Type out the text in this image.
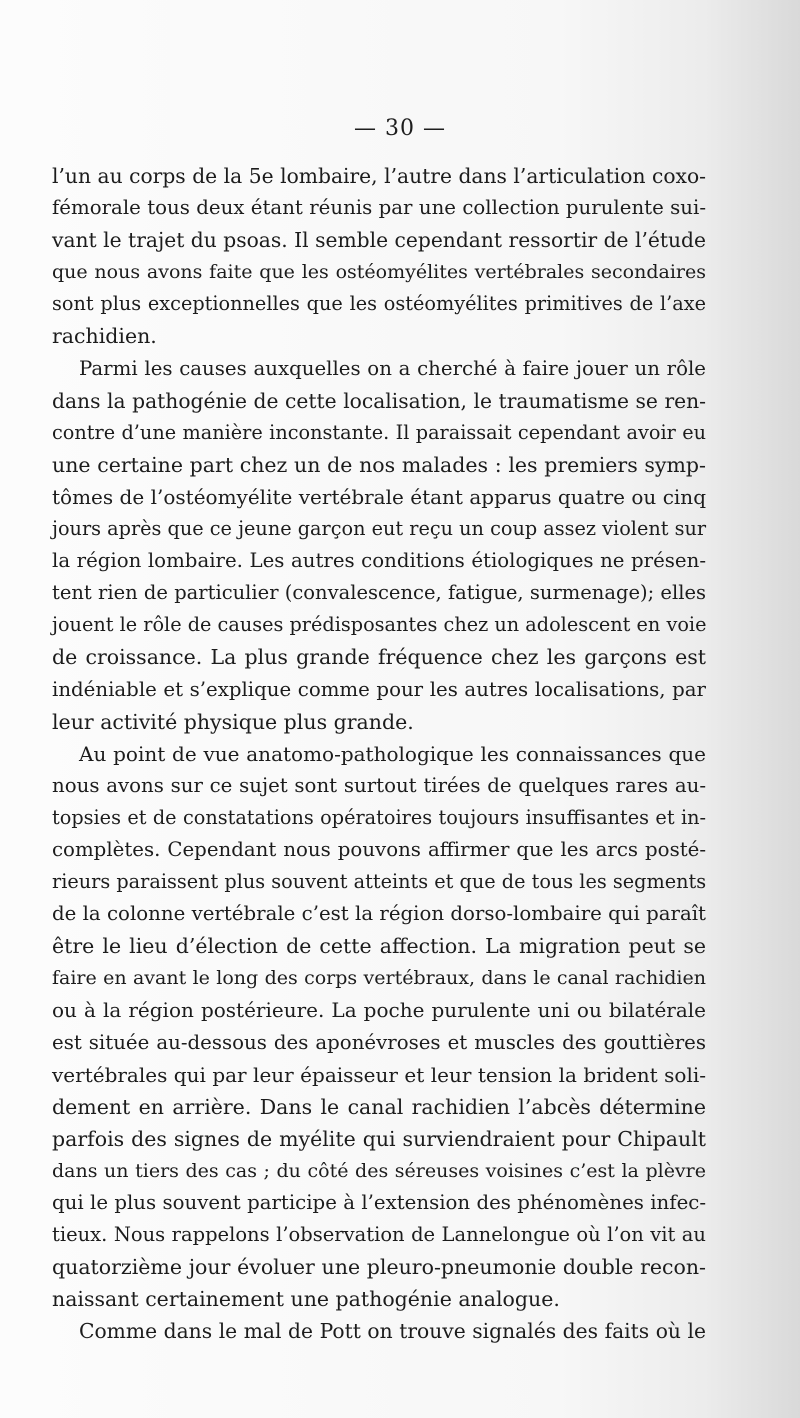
— 30 —
l’un au corps de la 5e lombaire, l’autre dans l’articulation coxo-
fémorale tous deux étant réunis par une collection purulente sui-
vant le trajet du psoas. Il semble cependant ressortir de l’étude
que nous avons faite que les ostéomyélites vertébrales secondaires
sont plus exceptionnelles que les ostéomyélites primitives de l’axe
rachidien.
Parmi les causes auxquelles on a cherché à faire jouer un rôle
dans la pathogénie de cette localisation, le traumatisme se ren-
contre d’une manière inconstante. Il paraissait cependant avoir eu
une certaine part chez un de nos malades : les premiers symp-
tômes de l’ostéomyélite vertébrale étant apparus quatre ou cinq
jours après que ce jeune garçon eut reçu un coup assez violent sur
la région lombaire. Les autres conditions étiologiques ne présen-
tent rien de particulier (convalescence, fatigue, surmenage); elles
jouent le rôle de causes prédisposantes chez un adolescent en voie
de croissance. La plus grande fréquence chez les garçons est
indéniable et s’explique comme pour les autres localisations, par
leur activité physique plus grande.
Au point de vue anatomo-pathologique les connaissances que
nous avons sur ce sujet sont surtout tirées de quelques rares au-
topsies et de constatations opératoires toujours insuffisantes et in-
complètes. Cependant nous pouvons affirmer que les arcs posté-
rieurs paraissent plus souvent atteints et que de tous les segments
de la colonne vertébrale c’est la région dorso-lombaire qui paraît
être le lieu d’élection de cette affection. La migration peut se
faire en avant le long des corps vertébraux, dans le canal rachidien
ou à la région postérieure. La poche purulente uni ou bilatérale
est située au-dessous des aponévroses et muscles des gouttières
vertébrales qui par leur épaisseur et leur tension la brident soli-
dement en arrière. Dans le canal rachidien l’abcès détermine
parfois des signes de myélite qui surviendraient pour Chipault
dans un tiers des cas ; du côté des séreuses voisines c’est la plèvre
qui le plus souvent participe à l’extension des phénomènes infec-
tieux. Nous rappelons l’observation de Lannelongue où l’on vit au
quatorzième jour évoluer une pleuro-pneumonie double recon-
naissant certainement une pathogénie analogue.
Comme dans le mal de Pott on trouve signalés des faits où le
